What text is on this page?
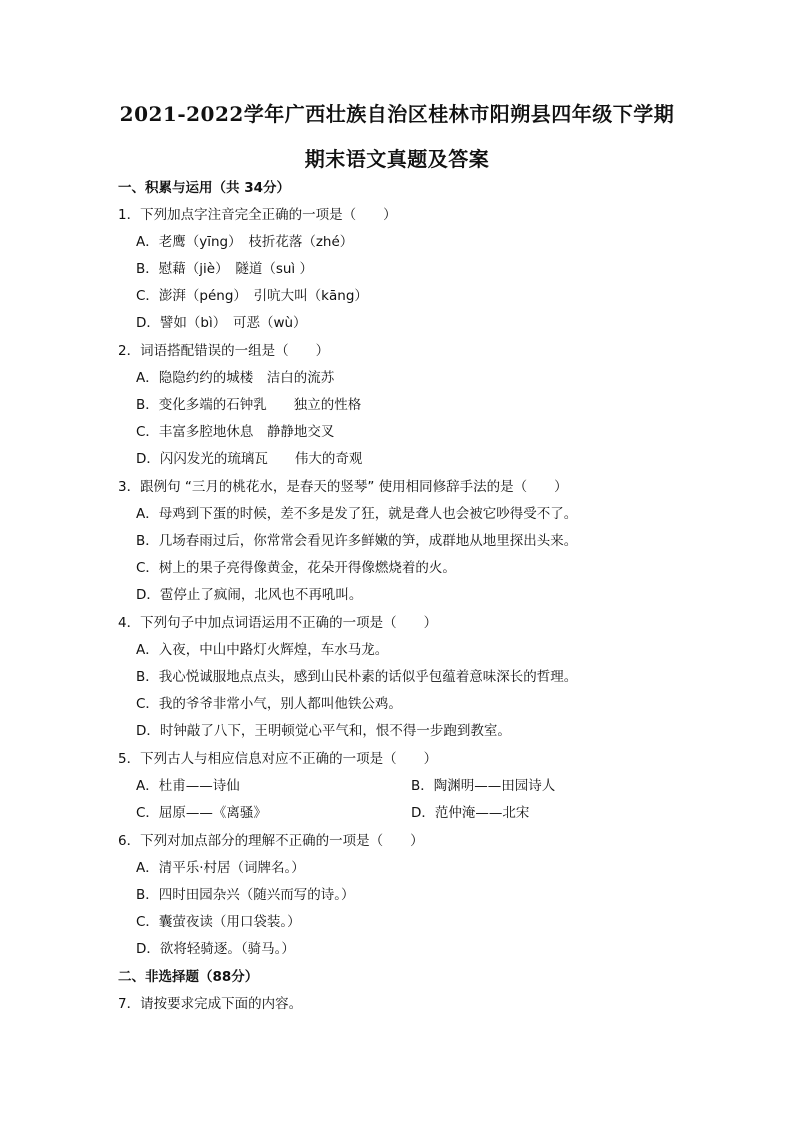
2021-2022学年广西壮族自治区桂林市阳朔县四年级下学期
期末语文真题及答案
一、积累与运用（共 34分）
1．下列加点字注音完全正确的一项是（　　）
A．老鹰（yīng）　枝折花落（zhé）
B．慰藉（jiè）　隧道（suì ）
C．澎湃（péng）　引吭大叫（kāng）
D．譬如（bì）　可恶（wù）
2．词语搭配错误的一组是（　　）
A．隐隐约约的城楼　洁白的流苏
B．变化多端的石钟乳　　独立的性格
C．丰富多腔地休息　静静地交叉
D．闪闪发光的琉璃瓦　　伟大的奇观
3．跟例句 “三月的桃花水，是春天的竖琴” 使用相同修辞手法的是（　　）
A．母鸡到下蛋的时候，差不多是发了狂，就是聋人也会被它吵得受不了。
B．几场春雨过后，你常常会看见许多鲜嫩的笋，成群地从地里探出头来。
C．树上的果子亮得像黄金，花朵开得像燃烧着的火。
D．雹停止了疯闹，北风也不再吼叫。
4．下列句子中加点词语运用不正确的一项是（　　）
A．入夜，中山中路灯火辉煌，车水马龙。
B．我心悦诚服地点点头，感到山民朴素的话似乎包蕴着意味深长的哲理。
C．我的爷爷非常小气，别人都叫他铁公鸡。
D．时钟敲了八下，王明顿觉心平气和，恨不得一步跑到教室。
5．下列古人与相应信息对应不正确的一项是（　　）
A．杜甫——诗仙	B．陶渊明——田园诗人
C．屈原——《离骚》	D．范仲淹——北宋
6．下列对加点部分的理解不正确的一项是（　　）
A．清平乐·村居（词牌名。）
B．四时田园杂兴（随兴而写的诗。）
C．囊萤夜读（用口袋装。）
D．欲将轻骑逐。（骑马。）
二、非选择题（88分）
7．请按要求完成下面的内容。
